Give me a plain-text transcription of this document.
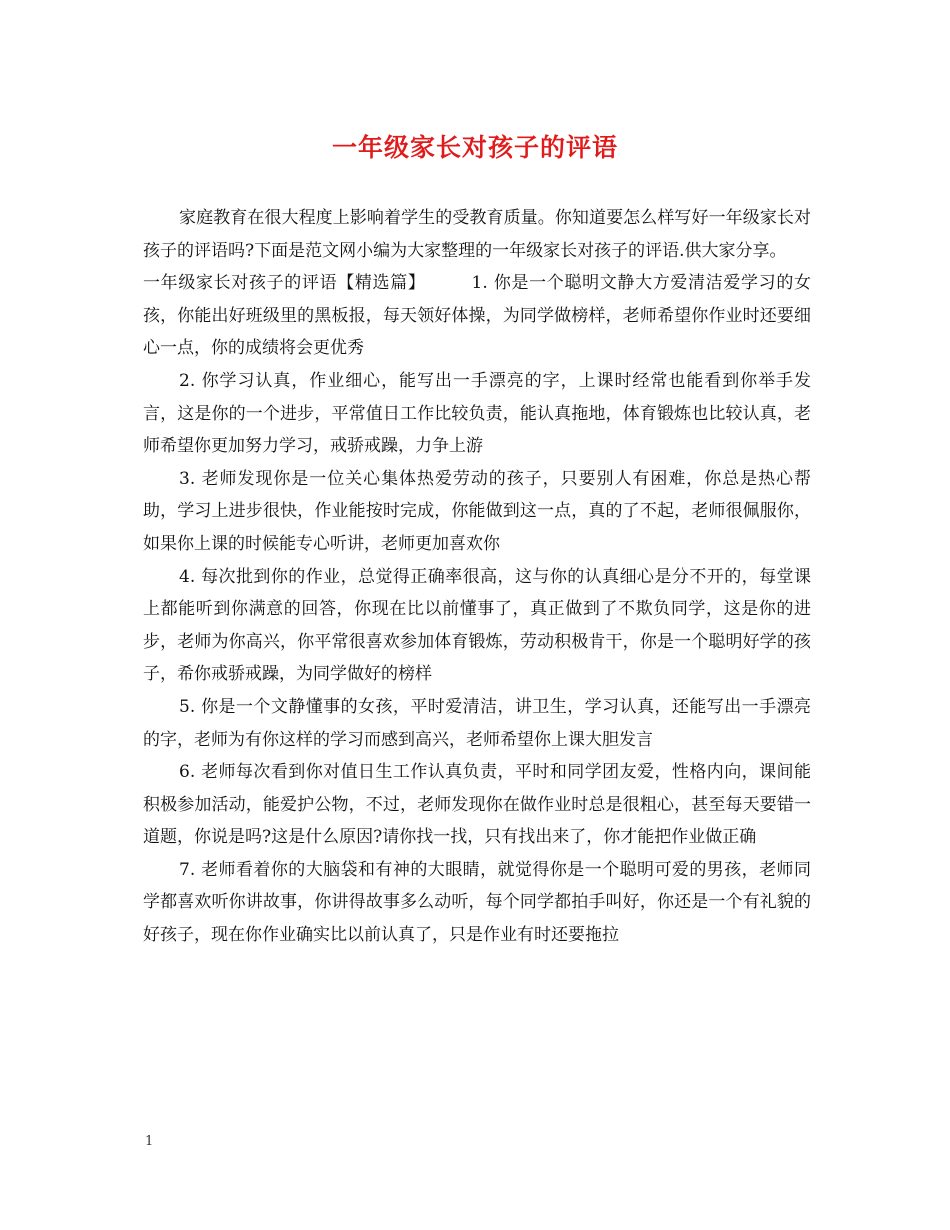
一年级家长对孩子的评语

家庭教育在很大程度上影响着学生的受教育质量。你知道要怎么样写好一年级家长对孩子的评语吗?下面是范文网小编为大家整理的一年级家长对孩子的评语.供大家分享。

一年级家长对孩子的评语【精选篇】	1. 你是一个聪明文静大方爱清洁爱学习的女孩，你能出好班级里的黑板报，每天领好体操，为同学做榜样，老师希望你作业时还要细心一点，你的成绩将会更优秀

2. 你学习认真，作业细心，能写出一手漂亮的字，上课时经常也能看到你举手发言，这是你的一个进步，平常值日工作比较负责，能认真拖地，体育锻炼也比较认真，老师希望你更加努力学习，戒骄戒躁，力争上游

3. 老师发现你是一位关心集体热爱劳动的孩子，只要别人有困难，你总是热心帮助，学习上进步很快，作业能按时完成，你能做到这一点，真的了不起，老师很佩服你，如果你上课的时候能专心听讲，老师更加喜欢你

4. 每次批到你的作业，总觉得正确率很高，这与你的认真细心是分不开的，每堂课上都能听到你满意的回答，你现在比以前懂事了，真正做到了不欺负同学，这是你的进步，老师为你高兴，你平常很喜欢参加体育锻炼，劳动积极肯干，你是一个聪明好学的孩子，希你戒骄戒躁，为同学做好的榜样

5. 你是一个文静懂事的女孩，平时爱清洁，讲卫生，学习认真，还能写出一手漂亮的字，老师为有你这样的学习而感到高兴，老师希望你上课大胆发言

6. 老师每次看到你对值日生工作认真负责，平时和同学团友爱，性格内向，课间能积极参加活动，能爱护公物，不过，老师发现你在做作业时总是很粗心，甚至每天要错一道题，你说是吗?这是什么原因?请你找一找，只有找出来了，你才能把作业做正确

7. 老师看着你的大脑袋和有神的大眼睛，就觉得你是一个聪明可爱的男孩，老师同学都喜欢听你讲故事，你讲得故事多么动听，每个同学都拍手叫好，你还是一个有礼貌的好孩子，现在你作业确实比以前认真了，只是作业有时还要拖拉

1
